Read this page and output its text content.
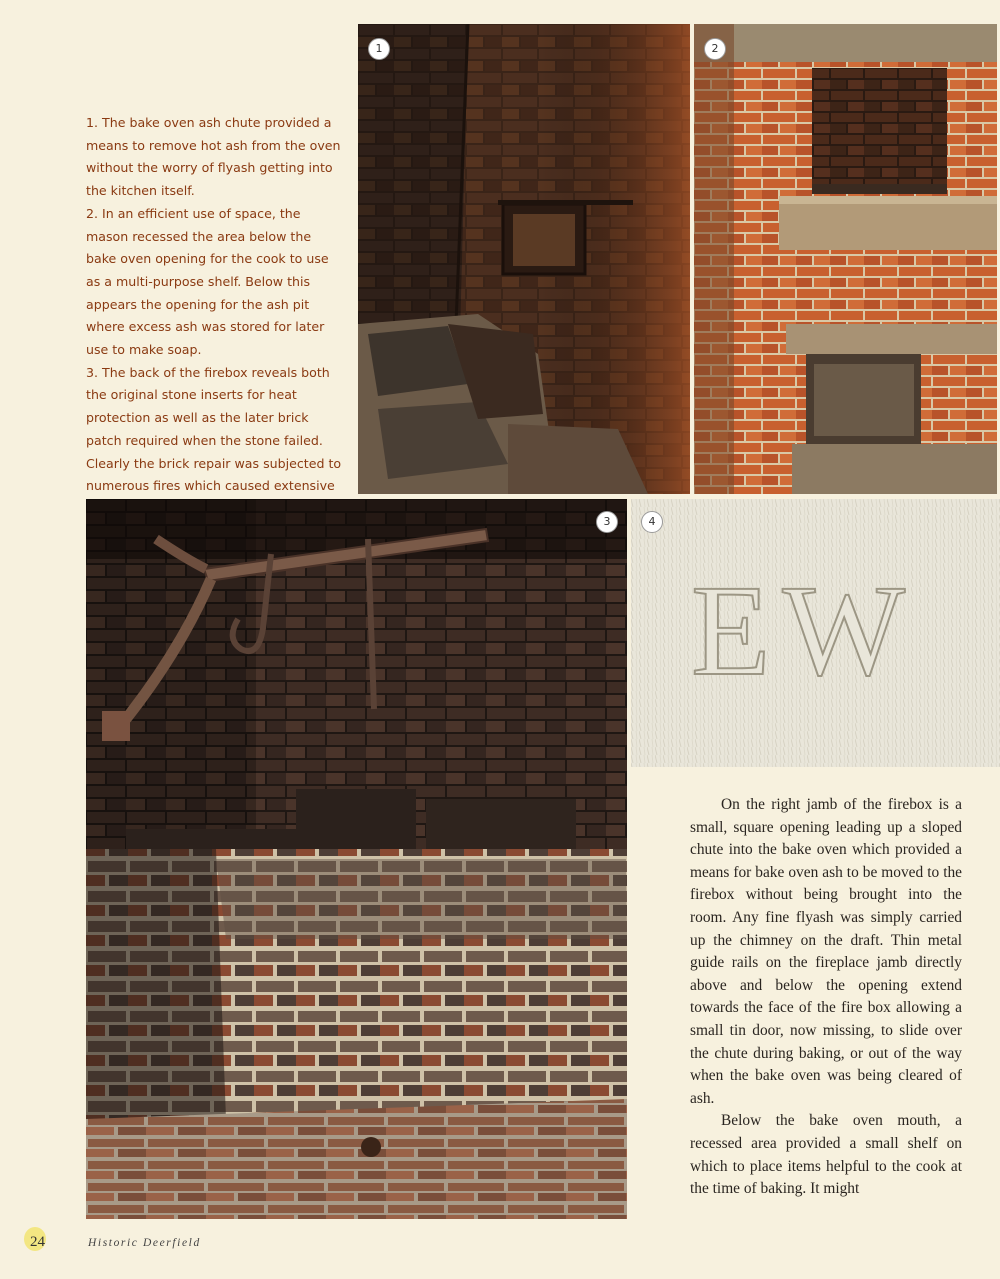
1. The bake oven ash chute provided a means to remove hot ash from the oven without the worry of flyash getting into the kitchen itself.

2. In an efficient use of space, the mason recessed the area below the bake oven opening for the cook to use as a multi-purpose shelf. Below this appears the opening for the ash pit where excess ash was stored for later use to make soap.

3. The back of the firebox reveals both the original stone inserts for heat protection as well as the later brick patch required when the stone failed. Clearly the brick repair was subjected to numerous fires which caused extensive

EW
1	2
3	4

On the right jamb of the firebox is a small, square opening leading up a sloped chute into the bake oven which provided a means for bake oven ash to be moved to the firebox without being brought into the room. Any fine flyash was simply carried up the chimney on the draft. Thin metal guide rails on the fireplace jamb directly above and below the opening extend towards the face of the fire box allowing a small tin door, now missing, to slide over the chute during baking, or out of the way when the bake oven was being cleared of ash.

Below the bake oven mouth, a recessed area provided a small shelf on which to place items helpful to the cook at the time of baking. It might

24	Historic Deerfield
